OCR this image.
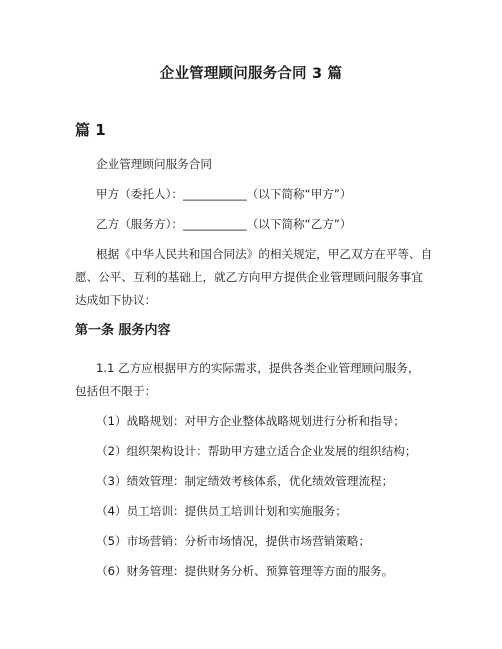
企业管理顾问服务合同 3 篇
篇 1
企业管理顾问服务合同
甲方（委托人）：___________（以下简称“甲方”）
乙方（服务方）：___________（以下简称“乙方”）
根据《中华人民共和国合同法》的相关规定，甲乙双方在平等、自
愿、公平、互利的基础上，就乙方向甲方提供企业管理顾问服务事宜
达成如下协议：
第一条 服务内容
1.1 乙方应根据甲方的实际需求，提供各类企业管理顾问服务，
包括但不限于：
（1）战略规划：对甲方企业整体战略规划进行分析和指导；
（2）组织架构设计：帮助甲方建立适合企业发展的组织结构；
（3）绩效管理：制定绩效考核体系，优化绩效管理流程；
（4）员工培训：提供员工培训计划和实施服务；
（5）市场营销：分析市场情况，提供市场营销策略；
（6）财务管理：提供财务分析、预算管理等方面的服务。
